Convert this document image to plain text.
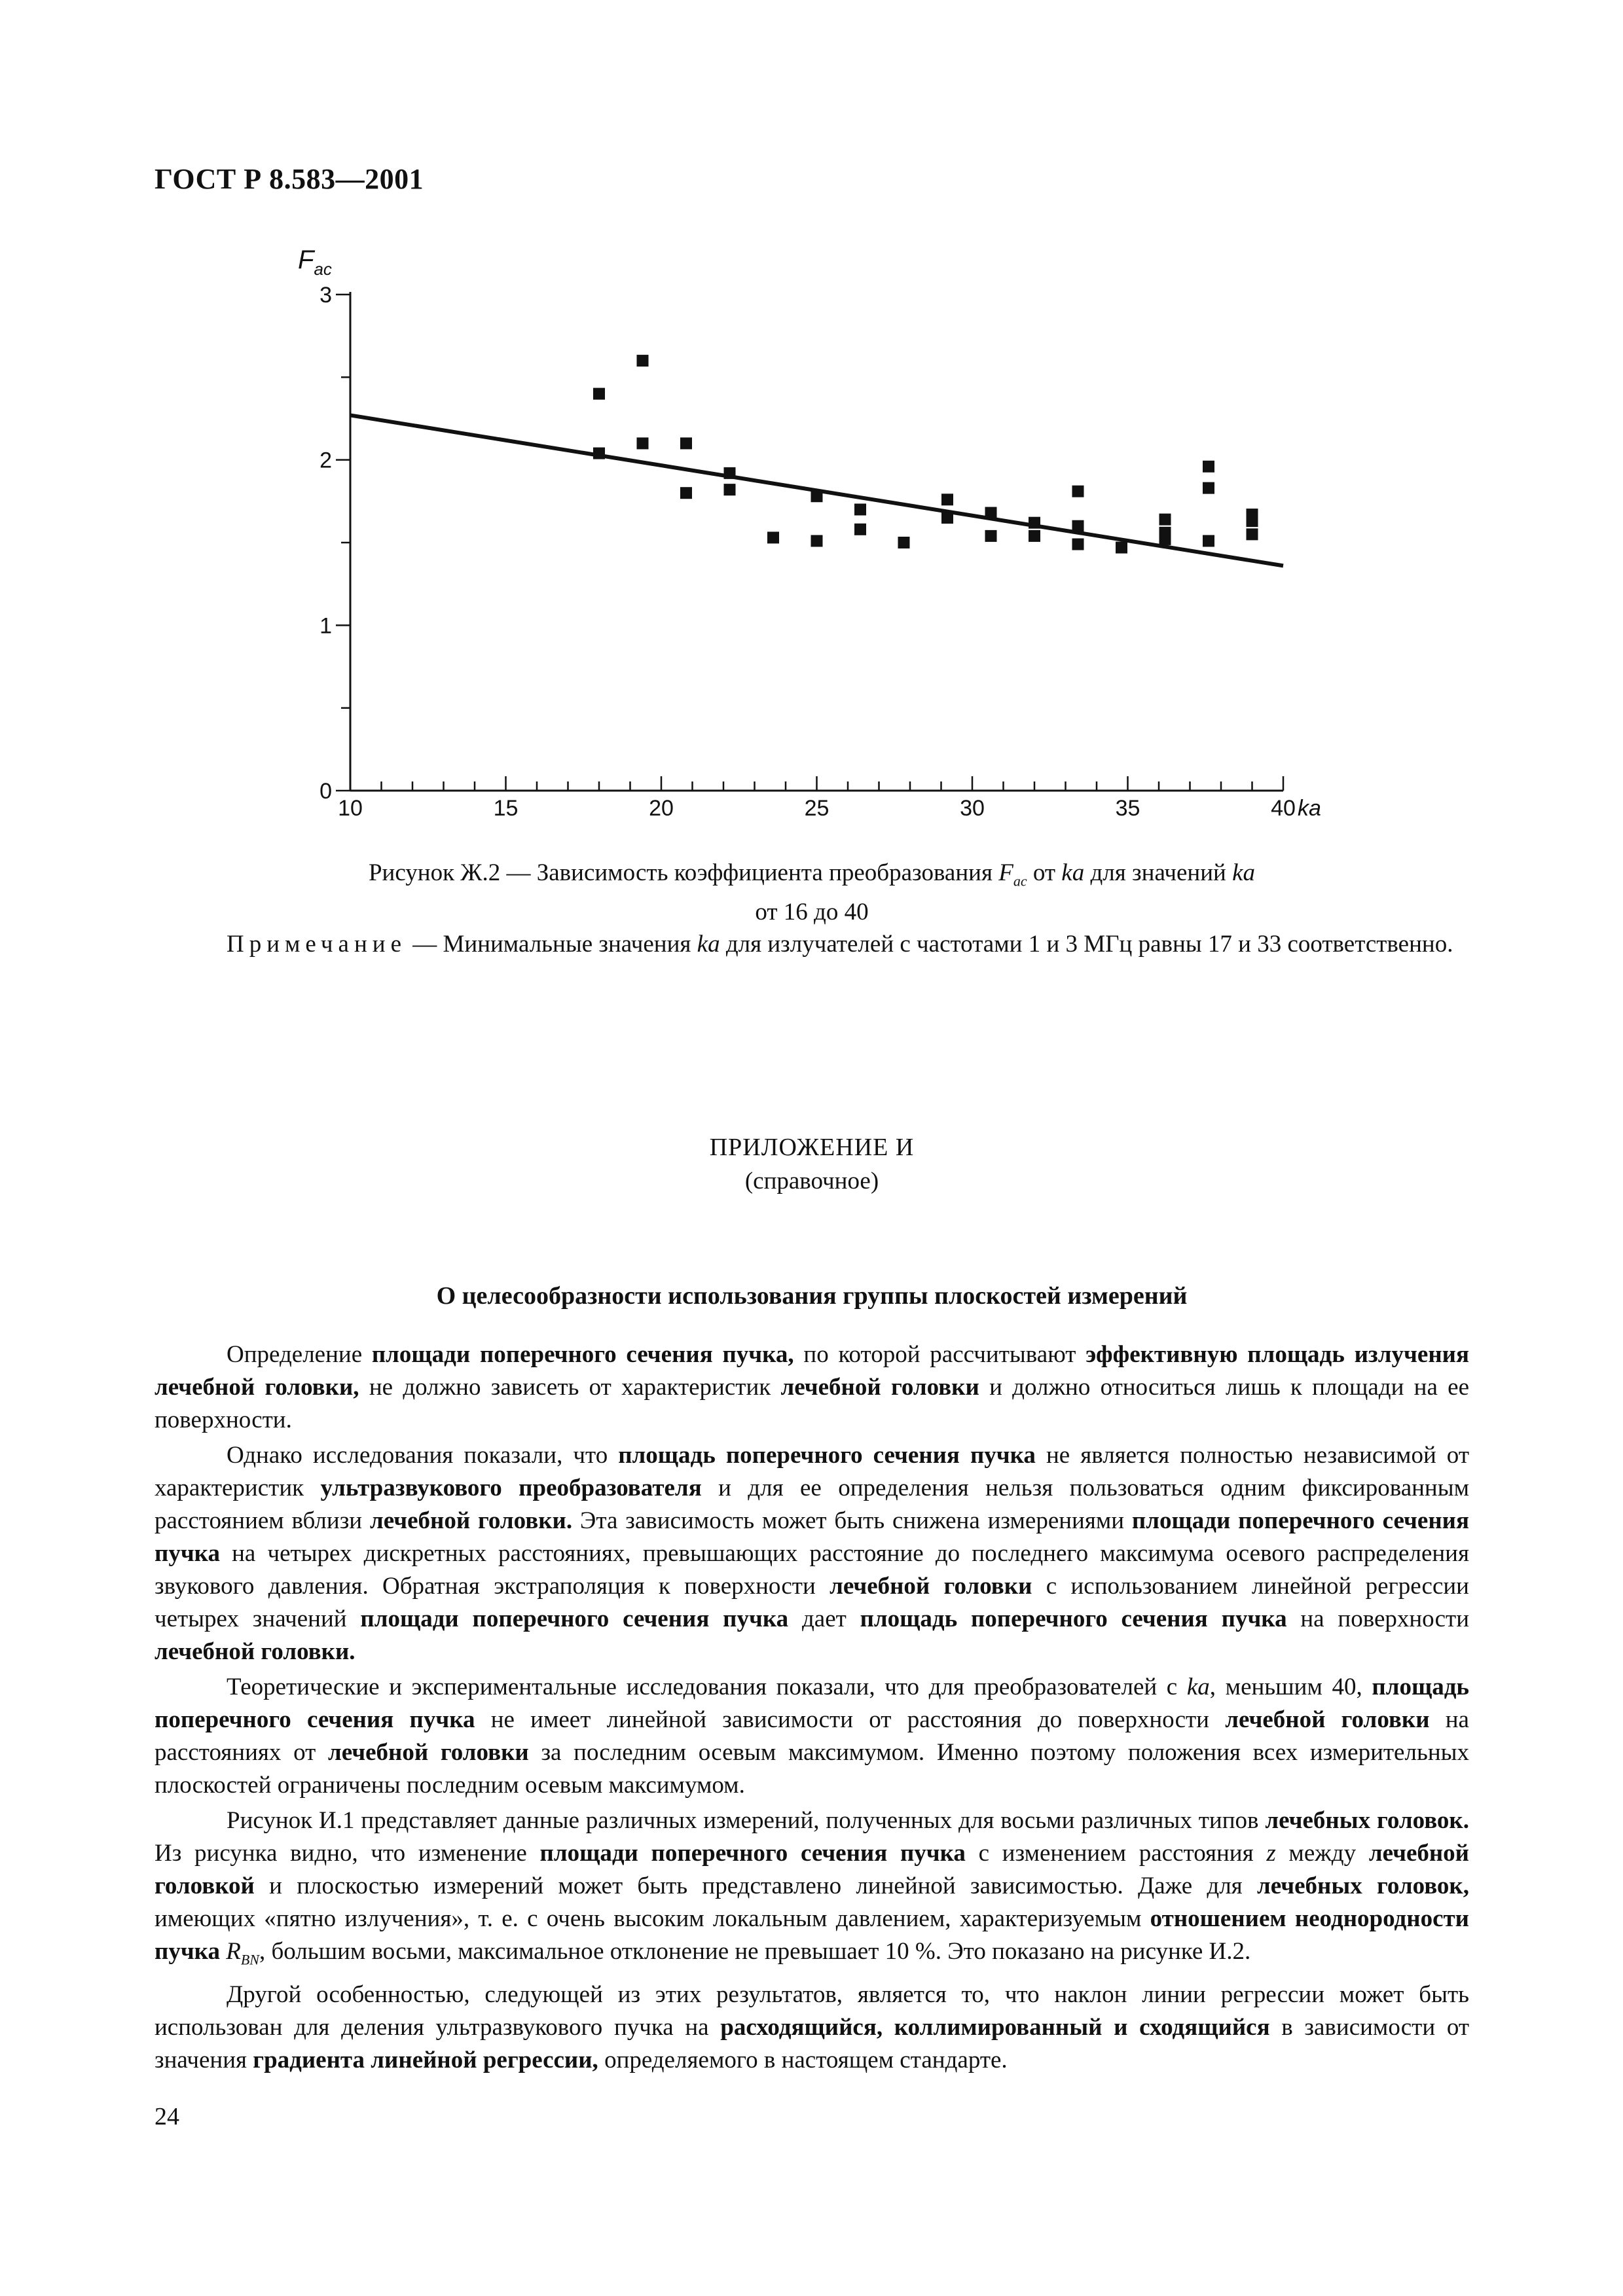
ГОСТ Р 8.583—2001
$F_{ac}$
ka
10	15	20	25	30	35	40
0
1
2
3
Рисунок Ж.2 — Зависимость коэффициента преобразования $F_{ac}$ от ka для значений ka
от 16 до 40
Примечание — Минимальные значения ka для излучателей с частотами 1 и 3 МГц равны 17 и 33 соответственно.
ПРИЛОЖЕНИЕ И
(справочное)
О целесообразности использования группы плоскостей измерений

Определение площади поперечного сечения пучка, по которой рассчитывают эффективную площадь излучения лечебной головки, не должно зависеть от характеристик лечебной головки и должно относиться лишь к площади на ее поверхности.

Однако исследования показали, что площадь поперечного сечения пучка не является полностью независимой от характеристик ультразвукового преобразователя и для ее определения нельзя пользоваться одним фиксированным расстоянием вблизи лечебной головки. Эта зависимость может быть снижена измерениями площади поперечного сечения пучка на четырех дискретных расстояниях, превышающих расстояние до последнего максимума осевого распределения звукового давления. Обратная экстраполяция к поверхности лечебной головки с использованием линейной регрессии четырех значений площади поперечного сечения пучка дает площадь поперечного сечения пучка на поверхности лечебной головки.

Теоретические и экспериментальные исследования показали, что для преобразователей с ka, меньшим 40, площадь поперечного сечения пучка не имеет линейной зависимости от расстояния до поверхности лечебной головки на расстояниях от лечебной головки за последним осевым максимумом. Именно поэтому положения всех измерительных плоскостей ограничены последним осевым максимумом.

Рисунок И.1 представляет данные различных измерений, полученных для восьми различных типов лечебных головок. Из рисунка видно, что изменение площади поперечного сечения пучка с изменением расстояния z между лечебной головкой и плоскостью измерений может быть представлено линейной зависимостью. Даже для лечебных головок, имеющих «пятно излучения», т. е. с очень высоким локальным давлением, характеризуемым отношением неоднородности пучка $R_{BN}$, большим восьми, максимальное отклонение не превышает 10 %. Это показано на рисунке И.2.

Другой особенностью, следующей из этих результатов, является то, что наклон линии регрессии может быть использован для деления ультразвукового пучка на расходящийся, коллимированный и сходящийся в зависимости от значения градиента линейной регрессии, определяемого в настоящем стандарте.

24
